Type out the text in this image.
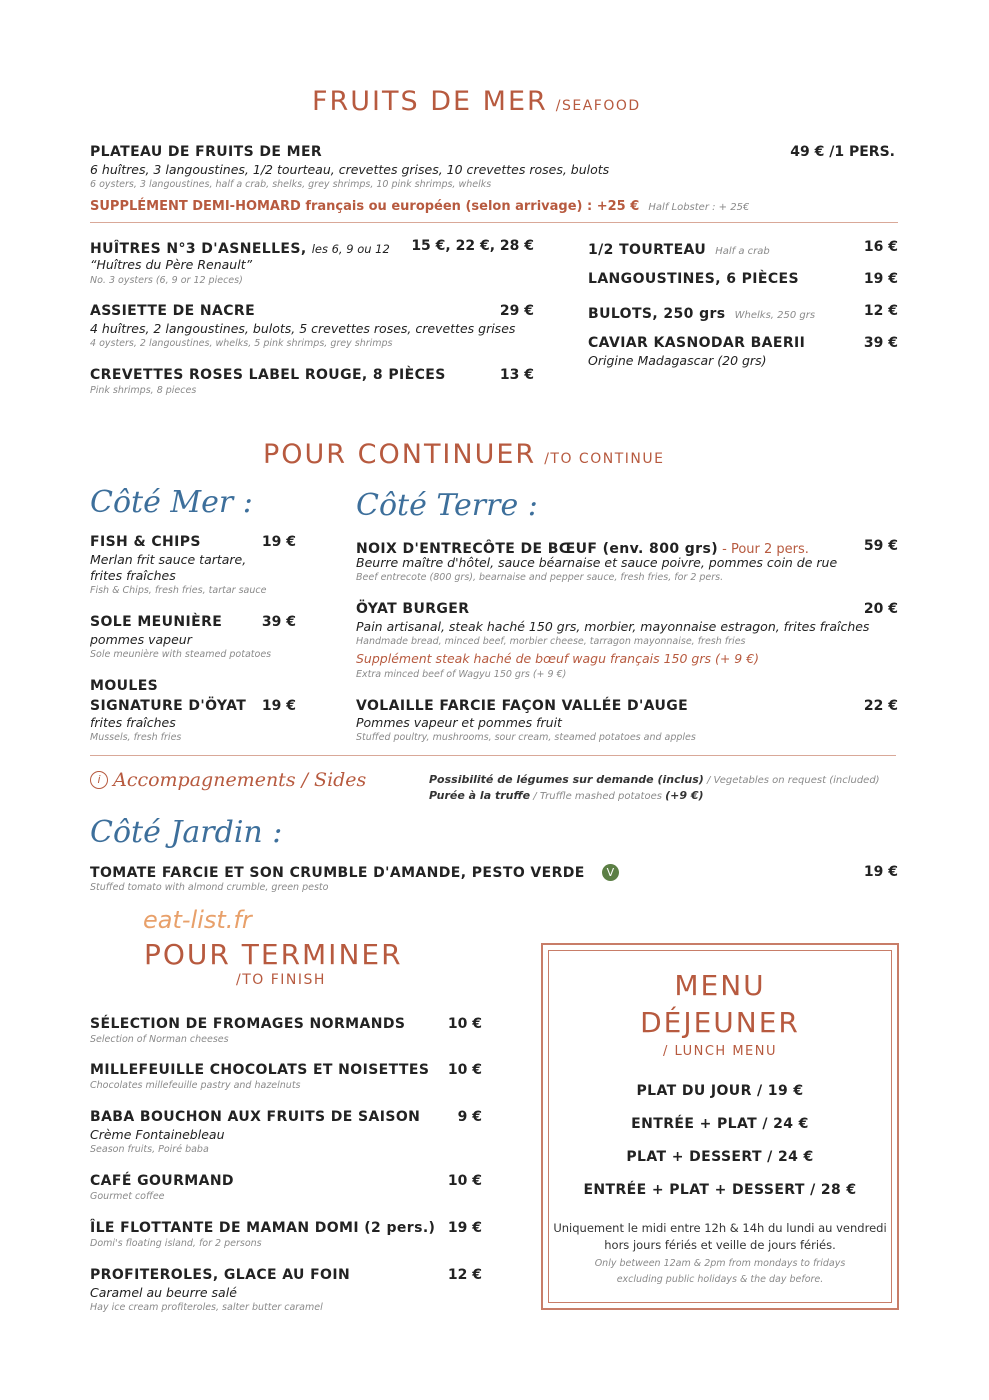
FRUITS DE MER /SEAFOOD
PLATEAU DE FRUITS DE MER	49 € /1 PERS.
6 huîtres, 3 langoustines, 1/2 tourteau, crevettes grises, 10 crevettes roses, bulots
6 oysters, 3 langoustines, half a crab, shelks, grey shrimps, 10 pink shrimps, whelks
SUPPLÉMENT DEMI-HOMARD français ou européen (selon arrivage) : +25 € Half Lobster : + 25€
HUÎTRES N°3 D'ASNELLES, les 6, 9 ou 12 15 €, 22 €, 28 €
“Huîtres du Père Renault”
No. 3 oysters (6, 9 or 12 pieces)
ASSIETTE DE NACRE	29 €
4 huîtres, 2 langoustines, bulots, 5 crevettes roses, crevettes grises
4 oysters, 2 langoustines, whelks, 5 pink shrimps, grey shrimps
CREVETTES ROSES LABEL ROUGE, 8 PIÈCES	13 €
Pink shrimps, 8 pieces
1/2 TOURTEAU Half a crab	16 €
LANGOUSTINES, 6 PIÈCES	19 €
BULOTS, 250 grs Whelks, 250 grs	12 €
CAVIAR KASNODAR BAERII	39 €
Origine Madagascar (20 grs)
POUR CONTINUER /TO CONTINUE
Côté Mer :
FISH & CHIPS	19 €
Merlan frit sauce tartare,
frites fraîches
Fish & Chips, fresh fries, tartar sauce
SOLE MEUNIÈRE	39 €
pommes vapeur
Sole meunière with steamed potatoes
MOULES
SIGNATURE D'ÖYAT	19 €
frites fraîches
Mussels, fresh fries
Côté Terre :
NOIX D'ENTRECÔTE DE BŒUF (env. 800 grs) - Pour 2 pers.	59 €
Beurre maître d'hôtel, sauce béarnaise et sauce poivre, pommes coin de rue
Beef entrecote (800 grs), bearnaise and pepper sauce, fresh fries, for 2 pers.
ÖYAT BURGER	20 €
Pain artisanal, steak haché 150 grs, morbier, mayonnaise estragon, frites fraîches
Handmade bread, minced beef, morbier cheese, tarragon mayonnaise, fresh fries
Supplément steak haché de bœuf wagu français 150 grs (+ 9 €)
Extra minced beef of Wagyu 150 grs (+ 9 €)
VOLAILLE FARCIE FAÇON VALLÉE D'AUGE	22 €
Pommes vapeur et pommes fruit
Stuffed poultry, mushrooms, sour cream, steamed potatoes and apples
i Accompagnements / Sides	Possibilité de légumes sur demande (inclus) / Vegetables on request (included)
Purée à la truffe / Truffle mashed potatoes (+9 €)
Côté Jardin :
TOMATE FARCIE ET SON CRUMBLE D'AMANDE, PESTO VERDE V	19 €
Stuffed tomato with almond crumble, green pesto
eat-list.fr
POUR TERMINER
/TO FINISH
SÉLECTION DE FROMAGES NORMANDS	10 €
Selection of Norman cheeses
MILLEFEUILLE CHOCOLATS ET NOISETTES	10 €
Chocolates millefeuille pastry and hazelnuts
BABA BOUCHON AUX FRUITS DE SAISON	9 €
Crème Fontainebleau
Season fruits, Poiré baba
CAFÉ GOURMAND	10 €
Gourmet coffee
ÎLE FLOTTANTE DE MAMAN DOMI (2 pers.) 19 €
Domi's floating island, for 2 persons
PROFITEROLES, GLACE AU FOIN	12 €
Caramel au beurre salé
Hay ice cream profiteroles, salter butter caramel
MENU
DÉJEUNER
/ LUNCH MENU
PLAT DU JOUR / 19 €
ENTRÉE + PLAT / 24 €
PLAT + DESSERT / 24 €
ENTRÉE + PLAT + DESSERT / 28 €
Uniquement le midi entre 12h & 14h du lundi au vendredi
hors jours fériés et veille de jours fériés.
Only between 12am & 2pm from mondays to fridays
excluding public holidays & the day before.
